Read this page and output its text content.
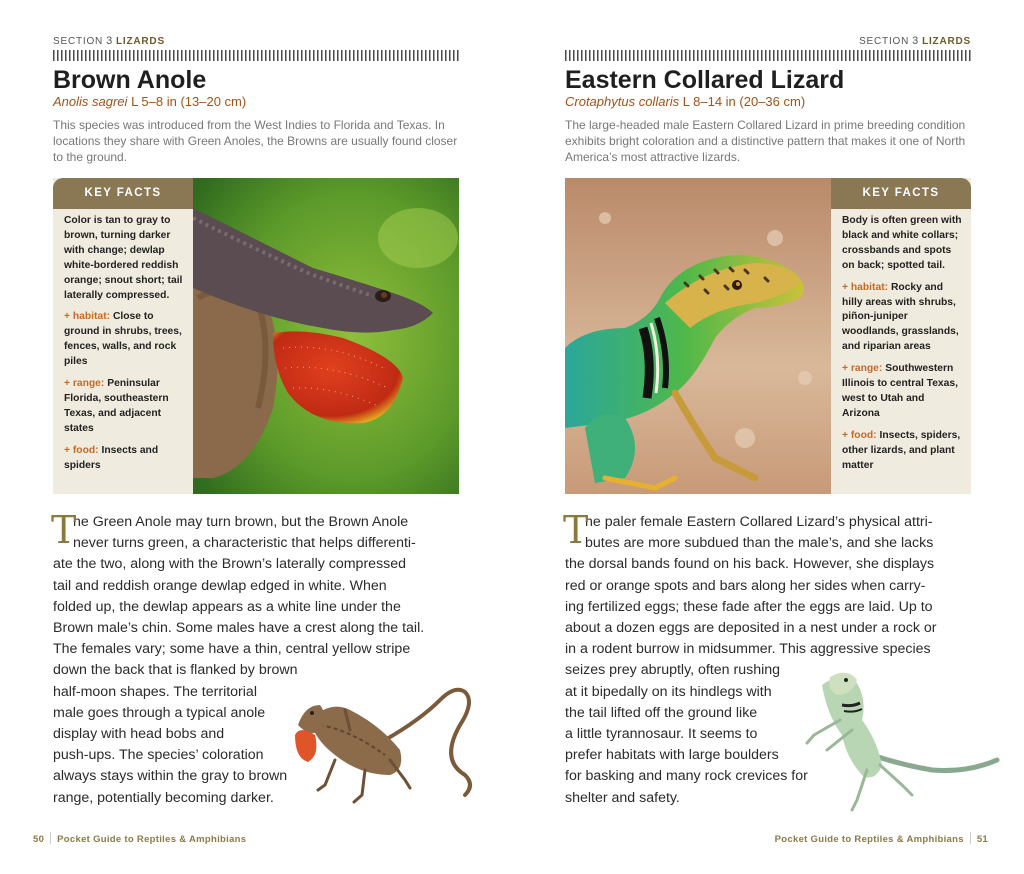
SECTION 3 LIZARDS
Brown Anole
Anolis sagrei L 5–8 in (13–20 cm)

This species was introduced from the West Indies to Florida and Texas. In locations they share with Green Anoles, the Browns are usually found closer to the ground.

KEY FACTS

Color is tan to gray to brown, turning darker with change; dewlap white-bordered reddish orange; snout short; tail laterally compressed.

+ habitat: Close to ground in shrubs, trees, fences, walls, and rock piles

+ range: Peninsular Florida, southeastern Texas, and adjacent states

+ food: Insects and spiders

T
he Green Anole may turn brown, but the Brown Anole
never turns green, a characteristic that helps differenti-
ate the two, along with the Brown’s laterally compressed
tail and reddish orange dewlap edged in white. When
folded up, the dewlap appears as a white line under the
Brown male’s chin. Some males have a crest along the tail.
The females vary; some have a thin, central yellow stripe
down the back that is flanked by brown
half-moon shapes. The territorial
male goes through a typical anole
display with head bobs and
push-ups. The species’ coloration
always stays within the gray to brown
range, potentially becoming darker.
50 Pocket Guide to Reptiles & Amphibians
SECTION 3 LIZARDS
Eastern Collared Lizard
Crotaphytus collaris L 8–14 in (20–36 cm)

The large-headed male Eastern Collared Lizard in prime breeding condition exhibits bright coloration and a distinctive pattern that makes it one of North America’s most attractive lizards.

KEY FACTS

Body is often green with black and white collars; crossbands and spots on back; spotted tail.

+ habitat: Rocky and hilly areas with shrubs, piñon-juniper woodlands, grasslands, and riparian areas

+ range: Southwestern Illinois to central Texas, west to Utah and Arizona

+ food: Insects, spiders, other lizards, and plant matter

T
he paler female Eastern Collared Lizard’s physical attri-
butes are more subdued than the male’s, and she lacks
the dorsal bands found on his back. However, she displays
red or orange spots and bars along her sides when carry-
ing fertilized eggs; these fade after the eggs are laid. Up to
about a dozen eggs are deposited in a nest under a rock or
in a rodent burrow in midsummer. This aggressive species
seizes prey abruptly, often rushing
at it bipedally on its hindlegs with
the tail lifted off the ground like
a little tyrannosaur. It seems to
prefer habitats with large boulders
for basking and many rock crevices for
shelter and safety.
Pocket Guide to Reptiles & Amphibians 51
